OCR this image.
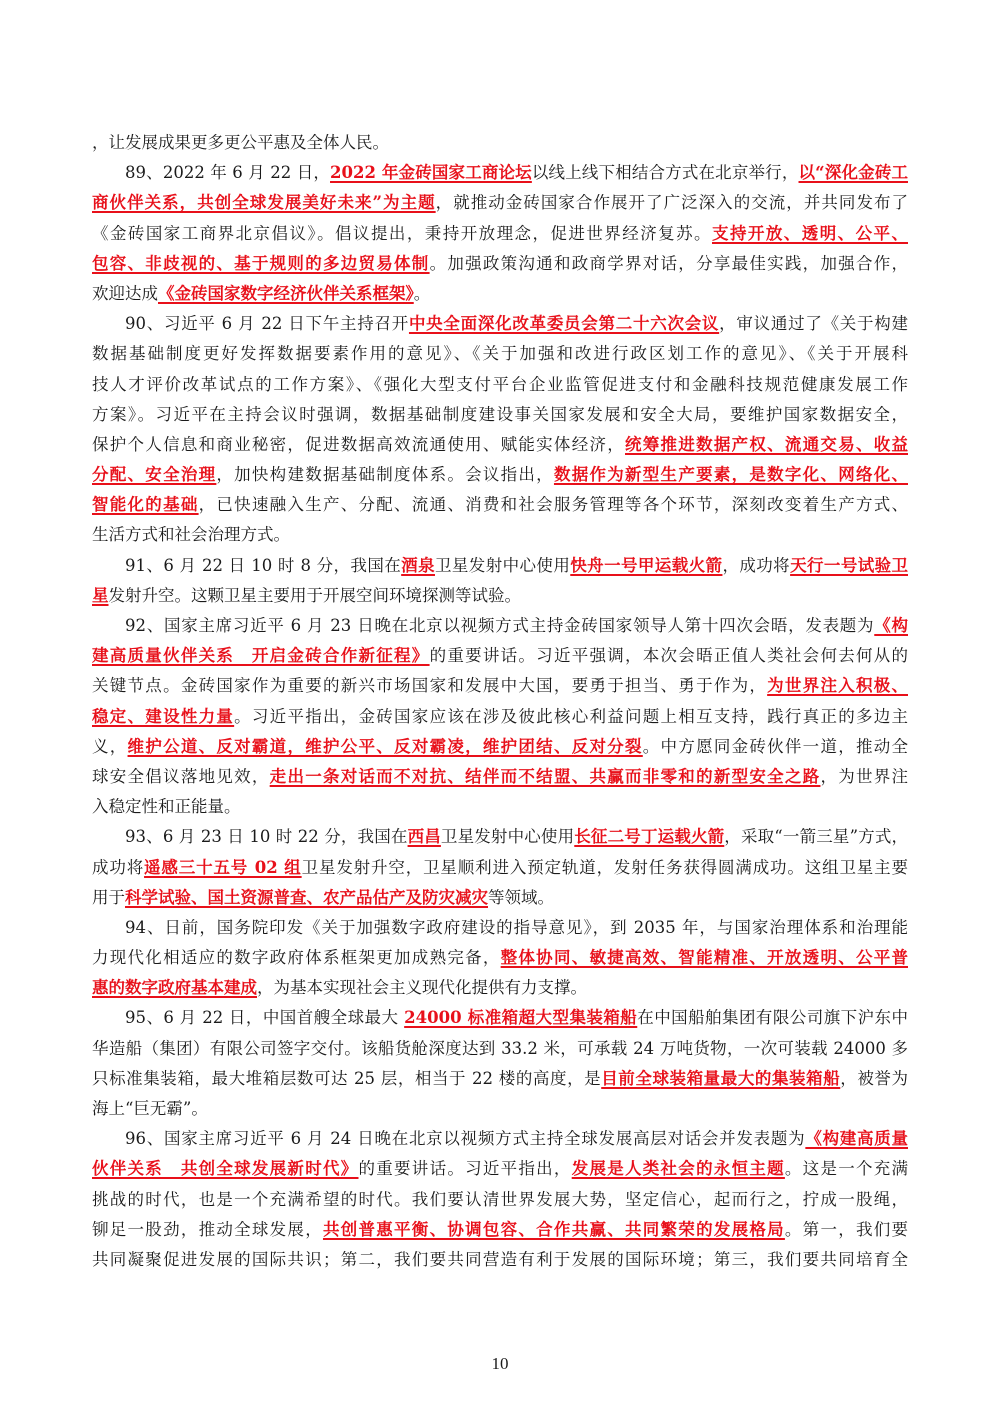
，让发展成果更多更公平惠及全体人民。
89、2022 年 6 月 22 日，2022 年金砖国家工商论坛以线上线下相结合方式在北京举行，以“深化金砖工
商伙伴关系，共创全球发展美好未来”为主题，就推动金砖国家合作展开了广泛深入的交流，并共同发布了
《金砖国家工商界北京倡议》。倡议提出，秉持开放理念，促进世界经济复苏。支持开放、透明、公平、
包容、非歧视的、基于规则的多边贸易体制。加强政策沟通和政商学界对话，分享最佳实践，加强合作，
欢迎达成《金砖国家数字经济伙伴关系框架》。
90、习近平 6 月 22 日下午主持召开中央全面深化改革委员会第二十六次会议，审议通过了《关于构建
数据基础制度更好发挥数据要素作用的意见》、《关于加强和改进行政区划工作的意见》、《关于开展科
技人才评价改革试点的工作方案》、《强化大型支付平台企业监管促进支付和金融科技规范健康发展工作
方案》。习近平在主持会议时强调，数据基础制度建设事关国家发展和安全大局，要维护国家数据安全，
保护个人信息和商业秘密，促进数据高效流通使用、赋能实体经济，统筹推进数据产权、流通交易、收益
分配、安全治理，加快构建数据基础制度体系。会议指出，数据作为新型生产要素，是数字化、网络化、
智能化的基础，已快速融入生产、分配、流通、消费和社会服务管理等各个环节，深刻改变着生产方式、
生活方式和社会治理方式。
91、6 月 22 日 10 时 8 分，我国在酒泉卫星发射中心使用快舟一号甲运载火箭，成功将天行一号试验卫
星发射升空。这颗卫星主要用于开展空间环境探测等试验。
92、国家主席习近平 6 月 23 日晚在北京以视频方式主持金砖国家领导人第十四次会晤，发表题为《构
建高质量伙伴关系　开启金砖合作新征程》的重要讲话。习近平强调，本次会晤正值人类社会何去何从的
关键节点。金砖国家作为重要的新兴市场国家和发展中大国，要勇于担当、勇于作为，为世界注入积极、
稳定、建设性力量。习近平指出，金砖国家应该在涉及彼此核心利益问题上相互支持，践行真正的多边主
义，维护公道、反对霸道，维护公平、反对霸凌，维护团结、反对分裂。中方愿同金砖伙伴一道，推动全
球安全倡议落地见效，走出一条对话而不对抗、结伴而不结盟、共赢而非零和的新型安全之路，为世界注
入稳定性和正能量。
93、6 月 23 日 10 时 22 分，我国在西昌卫星发射中心使用长征二号丁运载火箭，采取“一箭三星”方式，
成功将遥感三十五号 02 组卫星发射升空，卫星顺利进入预定轨道，发射任务获得圆满成功。这组卫星主要
用于科学试验、国土资源普查、农产品估产及防灾减灾等领域。
94、日前，国务院印发《关于加强数字政府建设的指导意见》，到 2035 年，与国家治理体系和治理能
力现代化相适应的数字政府体系框架更加成熟完备，整体协同、敏捷高效、智能精准、开放透明、公平普
惠的数字政府基本建成，为基本实现社会主义现代化提供有力支撑。
95、6 月 22 日，中国首艘全球最大 24000 标准箱超大型集装箱船在中国船舶集团有限公司旗下沪东中
华造船（集团）有限公司签字交付。该船货舱深度达到 33.2 米，可承载 24 万吨货物，一次可装载 24000 多
只标准集装箱，最大堆箱层数可达 25 层，相当于 22 楼的高度，是目前全球装箱量最大的集装箱船，被誉为
海上“巨无霸”。
96、国家主席习近平 6 月 24 日晚在北京以视频方式主持全球发展高层对话会并发表题为《构建高质量
伙伴关系　共创全球发展新时代》的重要讲话。习近平指出，发展是人类社会的永恒主题。这是一个充满
挑战的时代，也是一个充满希望的时代。我们要认清世界发展大势，坚定信心，起而行之，拧成一股绳，
铆足一股劲，推动全球发展，共创普惠平衡、协调包容、合作共赢、共同繁荣的发展格局。第一，我们要
共同凝聚促进发展的国际共识；第二，我们要共同营造有利于发展的国际环境；第三，我们要共同培育全
10
